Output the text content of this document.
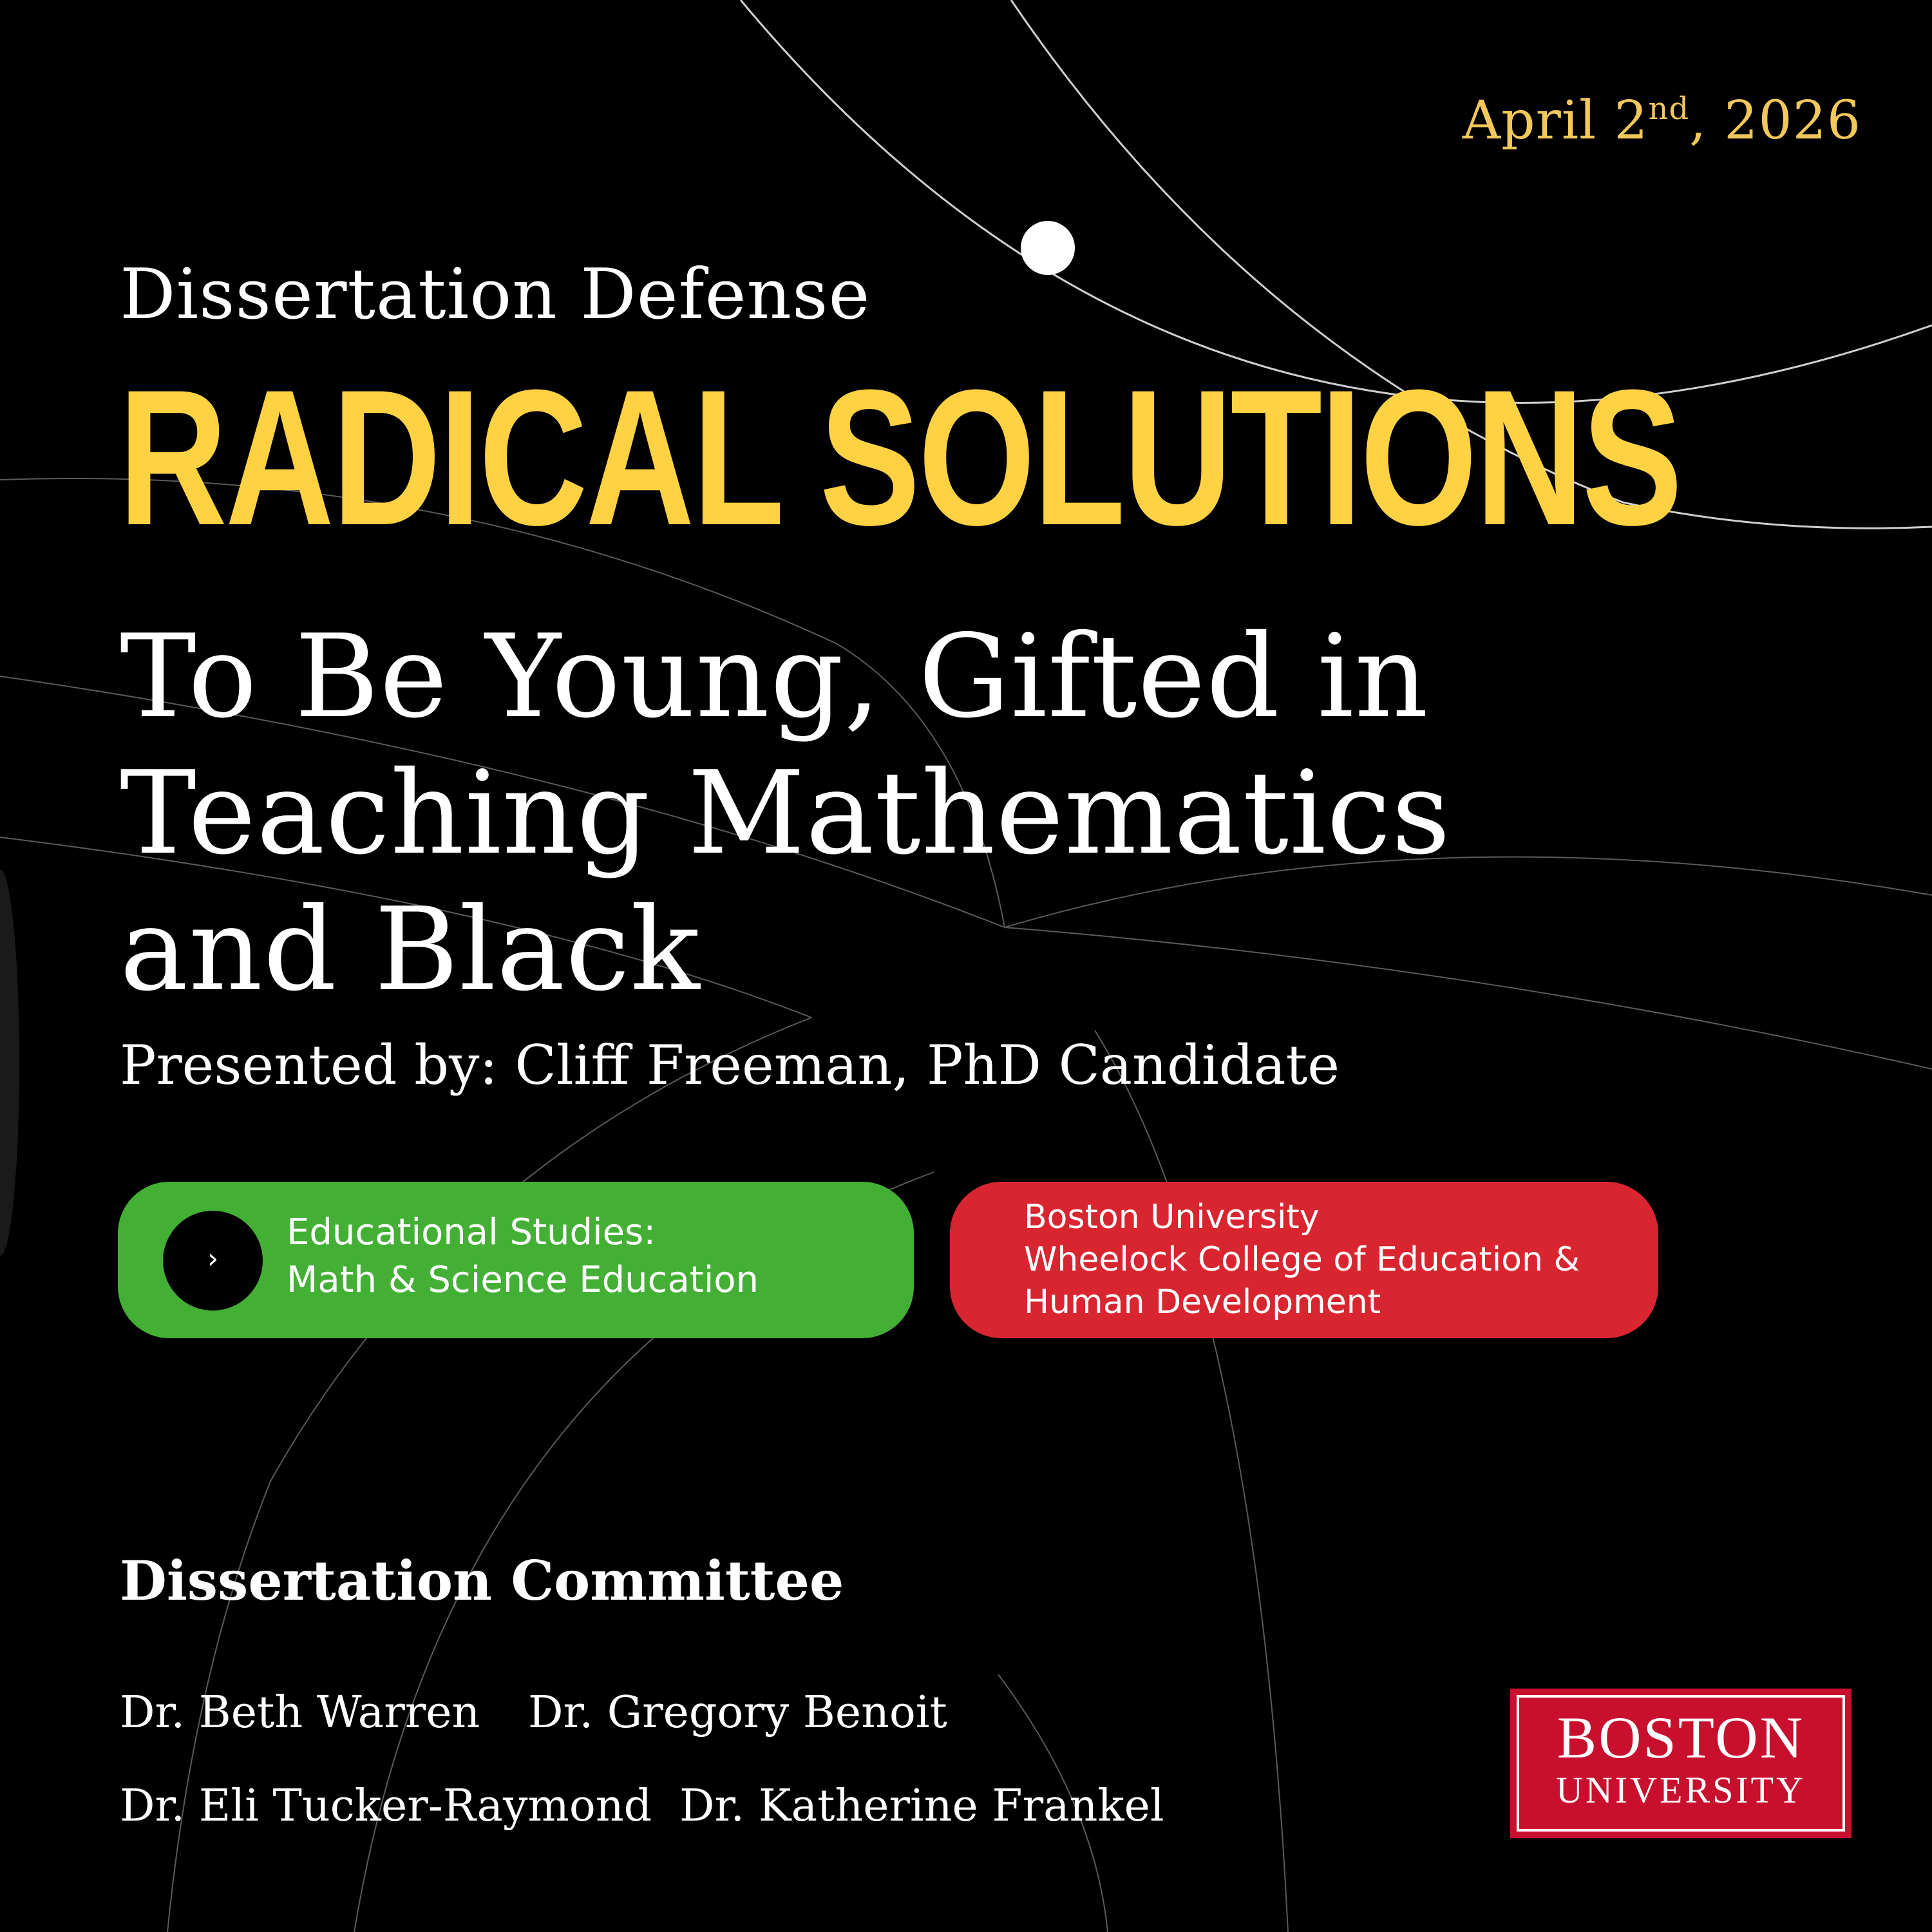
April 2nd, 2026
Dissertation Defense
RADICAL SOLUTIONS
To Be Young, Gifted in
Teaching Mathematics
and Black
Presented by: Cliff Freeman, PhD Candidate
›
Educational Studies:
Math & Science Education
Boston University
Wheelock College of Education &
Human Development
Dissertation Committee
Dr. Beth Warren Dr. Gregory Benoit
Dr. Eli Tucker-Raymond Dr. Katherine Frankel
BOSTON
UNIVERSITY
